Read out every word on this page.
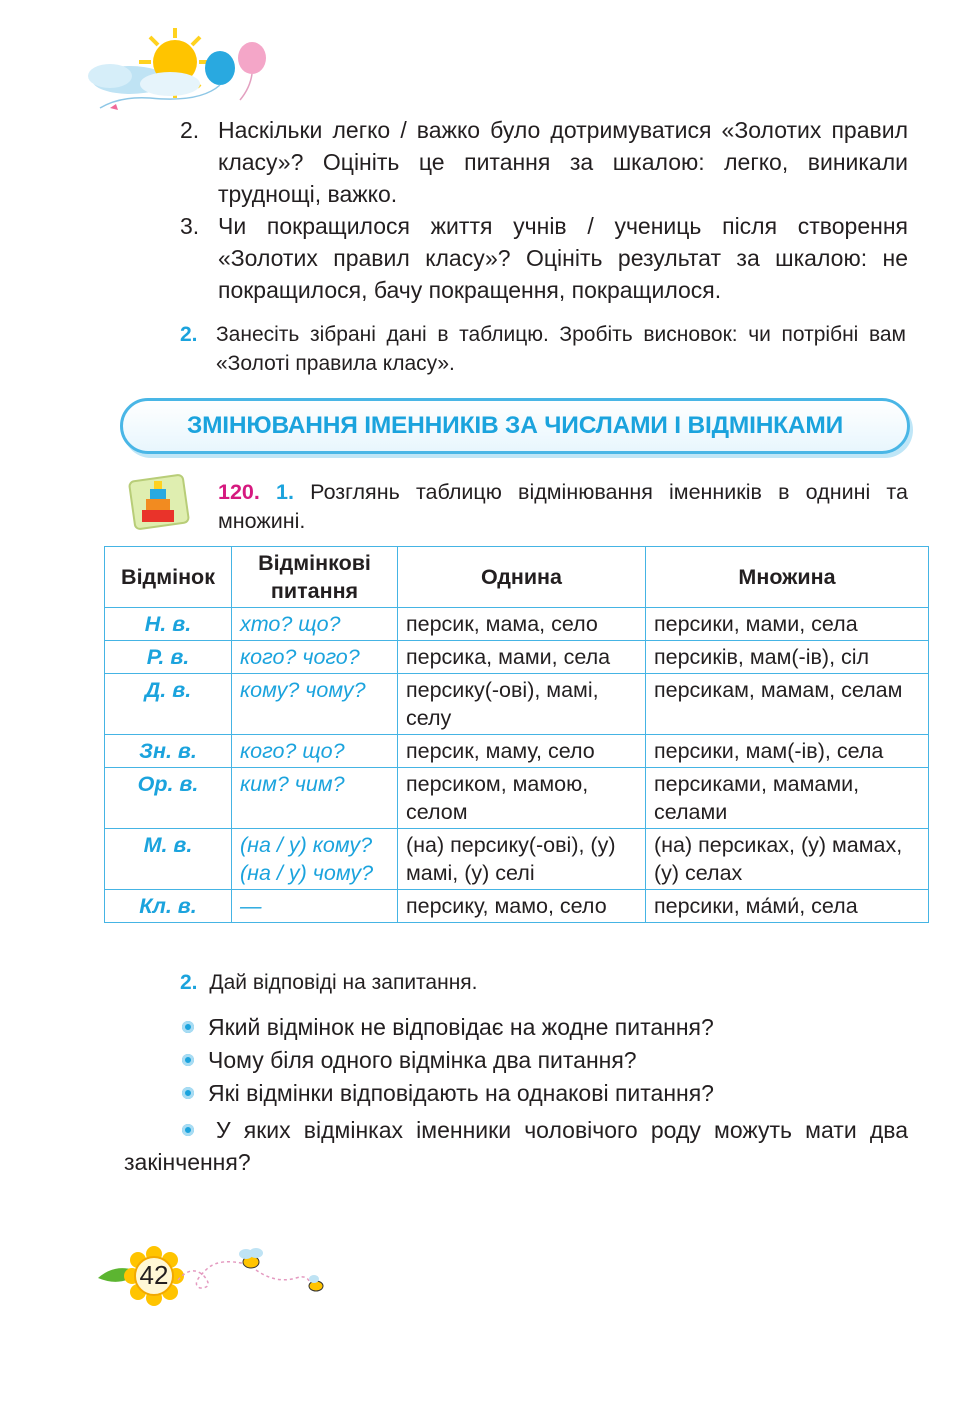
2. Наскільки легко / важко було дотримуватися «Золотих правил класу»? Оцініть це питання за шкалою: легко, виникали труднощі, важко.
3. Чи покращилося життя учнів / учениць після створення «Золотих правил класу»? Оцініть результат за шкалою: не покращилося, бачу покращення, покращилося.
2. Занесіть зібрані дані в таблицю. Зробіть висновок: чи потрібні вам «Золоті правила класу».
ЗМІНЮВАННЯ ІМЕННИКІВ ЗА ЧИСЛАМИ І ВІДМІНКАМИ
120. 1. Розглянь таблицю відмінювання іменників в однині та множині.
Відмінок	Відмінкові питання	Однина	Множина
Н. в.	хто? що?	персик, мама, село	персики, мами, села
Р. в.	кого? чого?	персика, мами, села	персиків, мам(-ів), сіл
Д. в.	кому? чому?	персику(-ові), мамі, селу	персикам, мамам, селам
Зн. в.	кого? що?	персик, маму, село	персики, мам(-ів), села
Ор. в.	ким? чим?	персиком, мамою, селом	персиками, мамами, селами
М. в.	(на / у) кому? (на / у) чому?	(на) персику(-ові), (у) мамі, (у) селі	(на) персиках, (у) мамах, (у) селах
Кл. в.	—	персику, мамо, село	персики, ма́ми́, села
2. Дай відповіді на запитання.
Який відмінок не відповідає на жодне питання?
Чому біля одного відмінка два питання?
Які відмінки відповідають на однакові питання?
У яких відмінках іменники чоловічого роду можуть мати два закінчення?
42
